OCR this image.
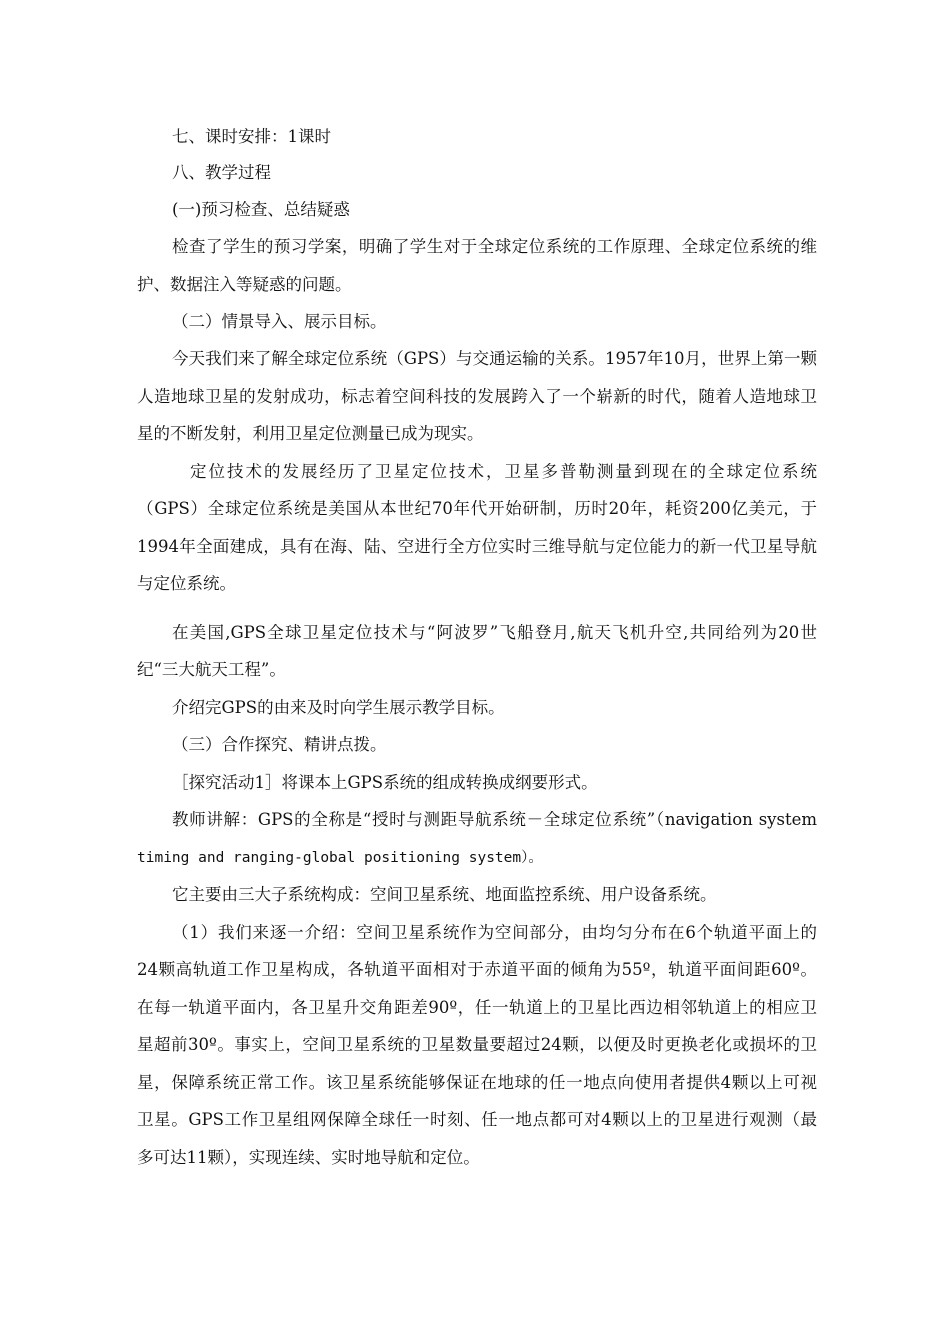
七、课时安排：1课时

八、教学过程

(一)预习检查、总结疑惑

检查了学生的预习学案，明确了学生对于全球定位系统的工作原理、全球定位系统的维

护、数据注入等疑惑的问题。

（二）情景导入、展示目标。

今天我们来了解全球定位系统（GPS）与交通运输的关系。1957年10月，世界上第一颗

人造地球卫星的发射成功，标志着空间科技的发展跨入了一个崭新的时代，随着人造地球卫

星的不断发射，利用卫星定位测量已成为现实。

定位技术的发展经历了卫星定位技术，卫星多普勒测量到现在的全球定位系统

（GPS）全球定位系统是美国从本世纪70年代开始研制，历时20年，耗资200亿美元，于

1994年全面建成，具有在海、陆、空进行全方位实时三维导航与定位能力的新一代卫星导航

与定位系统。

在美国,GPS全球卫星定位技术与“阿波罗”飞船登月,航天飞机升空,共同给列为20世

纪“三大航天工程”。

介绍完GPS的由来及时向学生展示教学目标。

（三）合作探究、精讲点拨。

［探究活动1］将课本上GPS系统的组成转换成纲要形式。

教师讲解：GPS的全称是“授时与测距导航系统－全球定位系统”（navigation system

timing and ranging-global positioning system）。

它主要由三大子系统构成：空间卫星系统、地面监控系统、用户设备系统。

（1）我们来逐一介绍：空间卫星系统作为空间部分，由均匀分布在6个轨道平面上的

24颗高轨道工作卫星构成，各轨道平面相对于赤道平面的倾角为55º，轨道平面间距60º。

在每一轨道平面内，各卫星升交角距差90º，任一轨道上的卫星比西边相邻轨道上的相应卫

星超前30º。事实上，空间卫星系统的卫星数量要超过24颗，以便及时更换老化或损坏的卫

星，保障系统正常工作。该卫星系统能够保证在地球的任一地点向使用者提供4颗以上可视

卫星。GPS工作卫星组网保障全球任一时刻、任一地点都可对4颗以上的卫星进行观测（最

多可达11颗），实现连续、实时地导航和定位。
